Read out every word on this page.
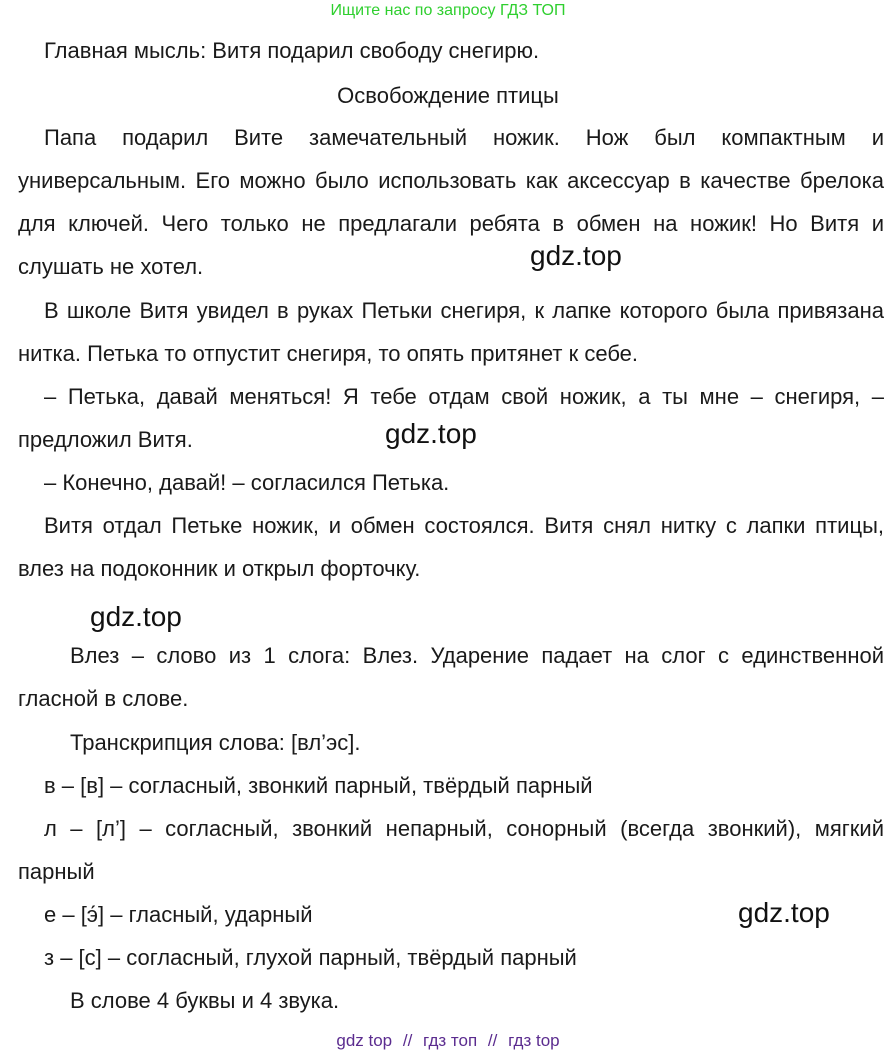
Ищите нас по запросу ГДЗ ТОП
Главная мысль: Витя подарил свободу снегирю.
Освобождение птицы
Папа подарил Вите замечательный ножик. Нож был компактным и универсальным. Его можно было использовать как аксессуар в качестве брелока для ключей. Чего только не предлагали ребята в обмен на ножик! Но Витя и слушать не хотел.
В школе Витя увидел в руках Петьки снегиря, к лапке которого была привязана нитка. Петька то отпустит снегиря, то опять притянет к себе.
– Петька, давай меняться! Я тебе отдам свой ножик, а ты мне – снегиря, – предложил Витя.
– Конечно, давай! – согласился Петька.
Витя отдал Петьке ножик, и обмен состоялся. Витя снял нитку с лапки птицы, влез на подоконник и открыл форточку.
Влез – слово из 1 слога: Влез. Ударение падает на слог с единственной гласной в слове.
Транскрипция слова: [вл’эс].
в – [в] – согласный, звонкий парный, твёрдый парный
л – [л’] – согласный, звонкий непарный, сонорный (всегда звонкий), мягкий парный
е – [э́] – гласный, ударный
з – [с] – согласный, глухой парный, твёрдый парный
В слове 4 буквы и 4 звука.
gdz.top
gdz.top
gdz.top
gdz.top
gdz top // гдз топ // гдз top
